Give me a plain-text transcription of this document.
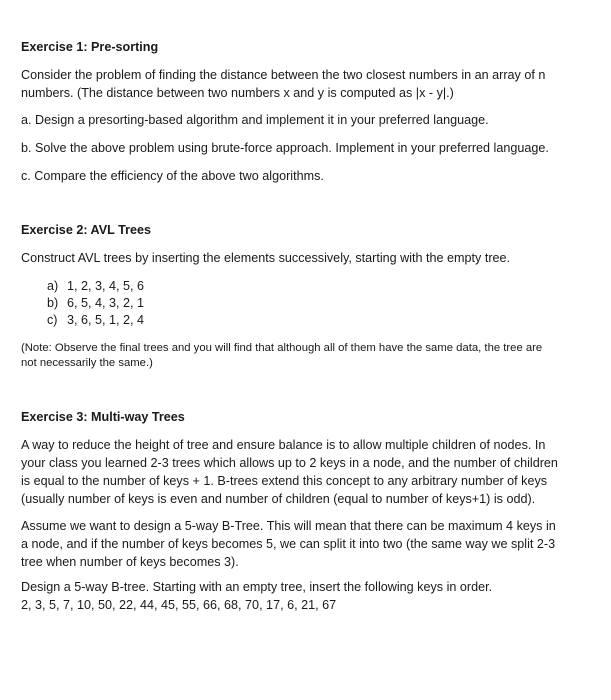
Exercise 1: Pre-sorting
Consider the problem of finding the distance between the two closest numbers in an array of n
numbers. (The distance between two numbers x and y is computed as |x - y|.)
a. Design a presorting-based algorithm and implement it in your preferred language.
b. Solve the above problem using brute-force approach. Implement in your preferred language.
c. Compare the efficiency of the above two algorithms.
Exercise 2: AVL Trees
Construct AVL trees by inserting the elements successively, starting with the empty tree.
a) 1, 2, 3, 4, 5, 6
b) 6, 5, 4, 3, 2, 1
c) 3, 6, 5, 1, 2, 4
(Note: Observe the final trees and you will find that although all of them have the same data, the tree are
not necessarily the same.)
Exercise 3: Multi-way Trees
A way to reduce the height of tree and ensure balance is to allow multiple children of nodes. In
your class you learned 2-3 trees which allows up to 2 keys in a node, and the number of children
is equal to the number of keys + 1. B-trees extend this concept to any arbitrary number of keys
(usually number of keys is even and number of children (equal to number of keys+1) is odd).
Assume we want to design a 5-way B-Tree. This will mean that there can be maximum 4 keys in
a node, and if the number of keys becomes 5, we can split it into two (the same way we split 2-3
tree when number of keys becomes 3).
Design a 5-way B-tree. Starting with an empty tree, insert the following keys in order.
2, 3, 5, 7, 10, 50, 22, 44, 45, 55, 66, 68, 70, 17, 6, 21, 67
